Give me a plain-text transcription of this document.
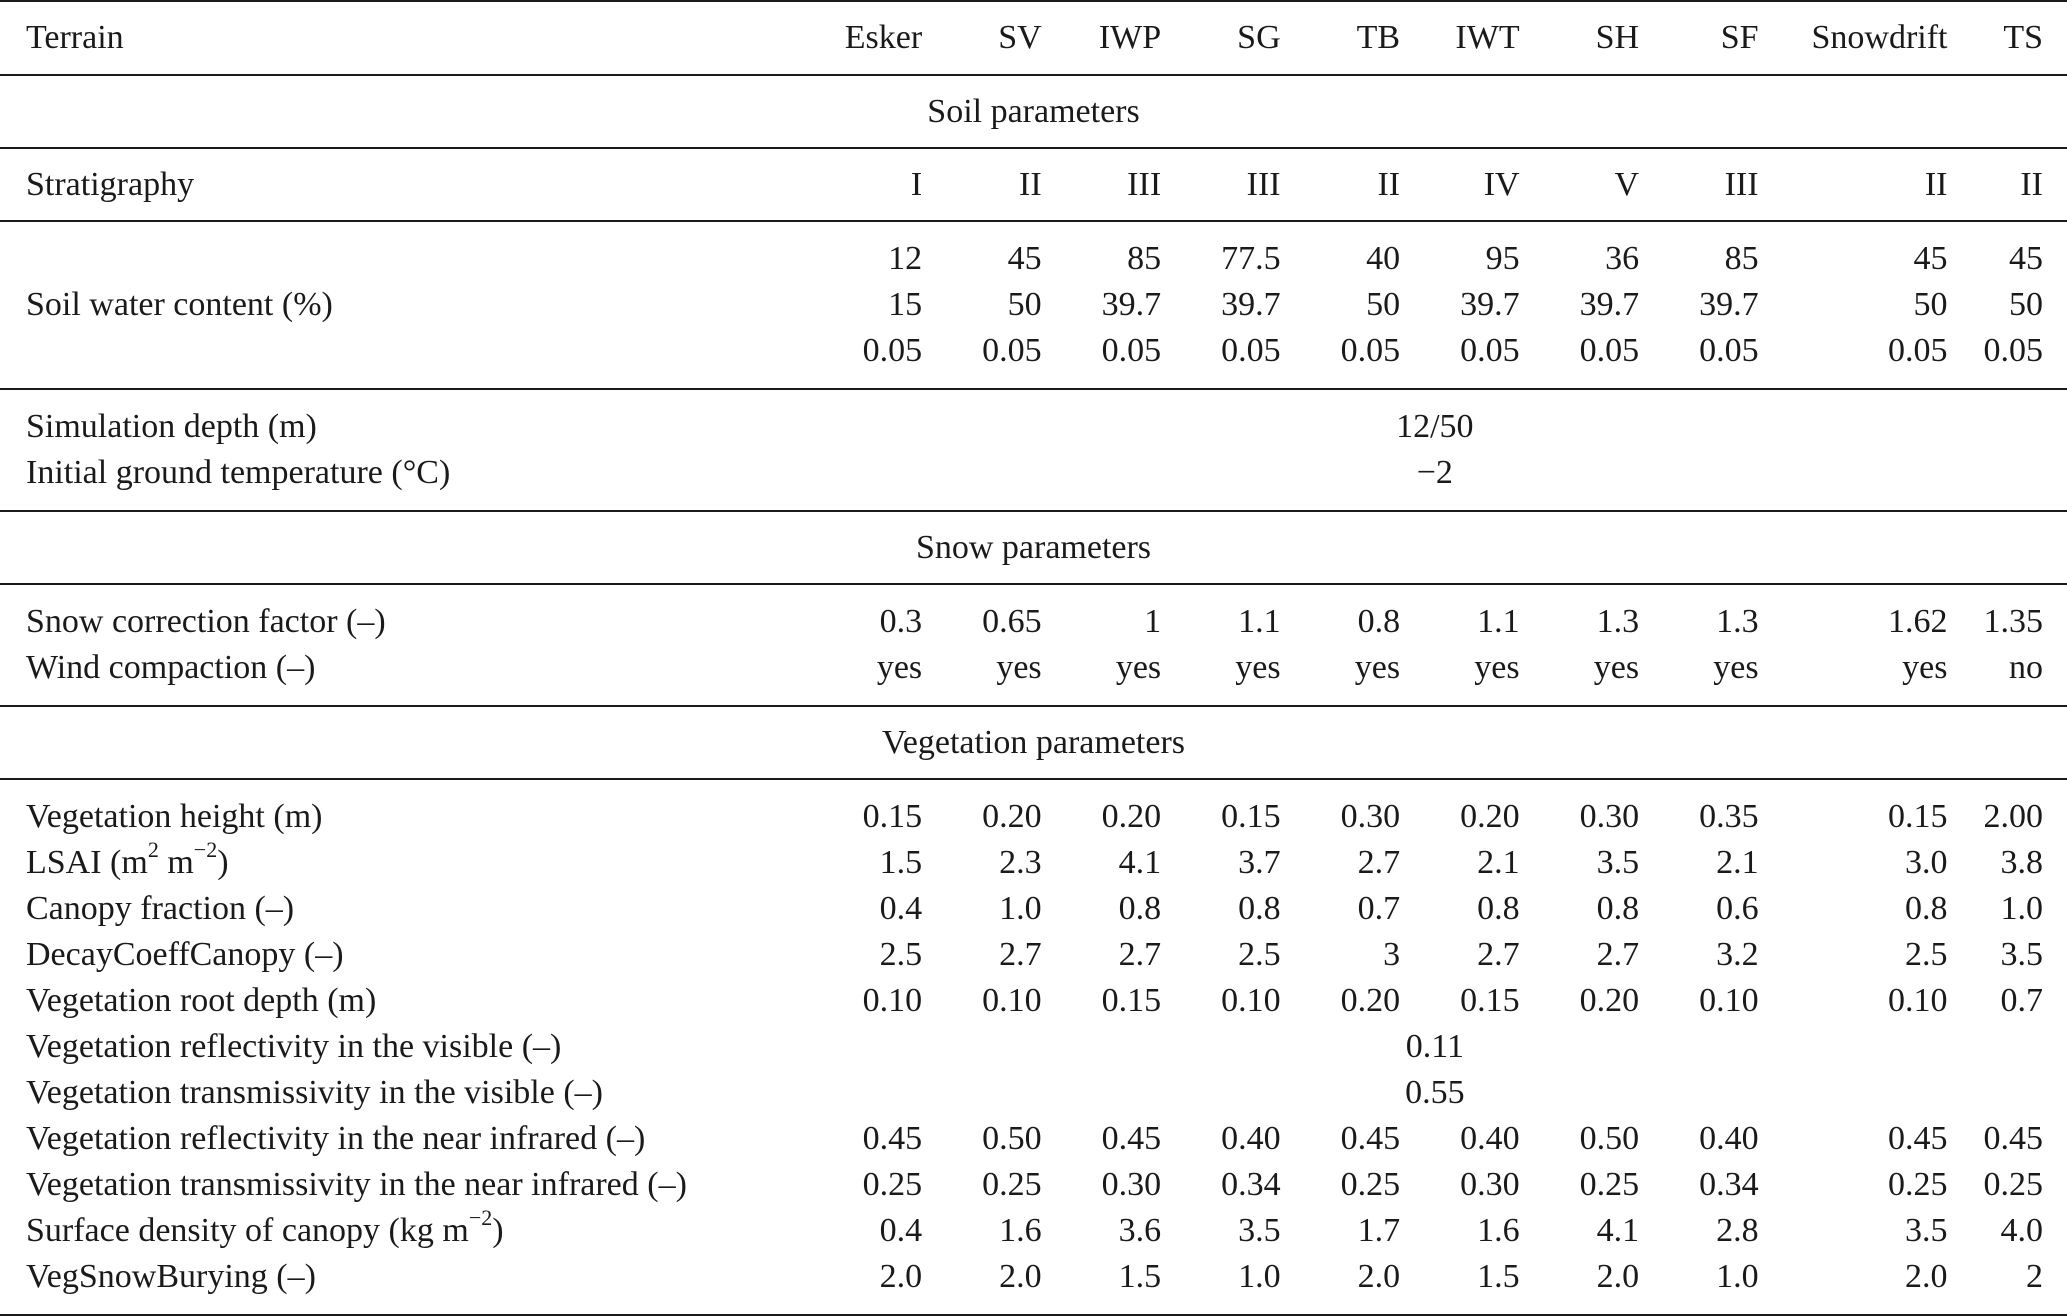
Terrain	Esker	SV	IWP	SG	TB	IWT	SH	SF	Snowdrift	TS
Soil parameters										
Stratigraphy	I	II	III	III	II	IV	V	III	II	II
	12	45	85	77.5	40	95	36	85	45	45
Soil water content (%)	15	50	39.7	39.7	50	39.7	39.7	39.7	50	50
	0.05	0.05	0.05	0.05	0.05	0.05	0.05	0.05	0.05	0.05
Simulation depth (m)	12/50									
Initial ground temperature (°C)	−2									
Snow parameters										
Snow correction factor (–)	0.3	0.65	1	1.1	0.8	1.1	1.3	1.3	1.62	1.35
Wind compaction (–)	yes	yes	yes	yes	yes	yes	yes	yes	yes	no
Vegetation parameters										
Vegetation height (m)	0.15	0.20	0.20	0.15	0.30	0.20	0.30	0.35	0.15	2.00
LSAI ($m^2$ $m^{-2}$)	1.5	2.3	4.1	3.7	2.7	2.1	3.5	2.1	3.0	3.8
Canopy fraction (–)	0.4	1.0	0.8	0.8	0.7	0.8	0.8	0.6	0.8	1.0
DecayCoeffCanopy (–)	2.5	2.7	2.7	2.5	3	2.7	2.7	3.2	2.5	3.5
Vegetation root depth (m)	0.10	0.10	0.15	0.10	0.20	0.15	0.20	0.10	0.10	0.7
Vegetation reflectivity in the visible (–)	0.11									
Vegetation transmissivity in the visible (–)	0.55									
Vegetation reflectivity in the near infrared (–)	0.45	0.50	0.45	0.40	0.45	0.40	0.50	0.40	0.45	0.45
Vegetation transmissivity in the near infrared (–)	0.25	0.25	0.30	0.34	0.25	0.30	0.25	0.34	0.25	0.25
Surface density of canopy (kg $m^{-2}$)	0.4	1.6	3.6	3.5	1.7	1.6	4.1	2.8	3.5	4.0
VegSnowBurying (–)	2.0	2.0	1.5	1.0	2.0	1.5	2.0	1.0	2.0	2
